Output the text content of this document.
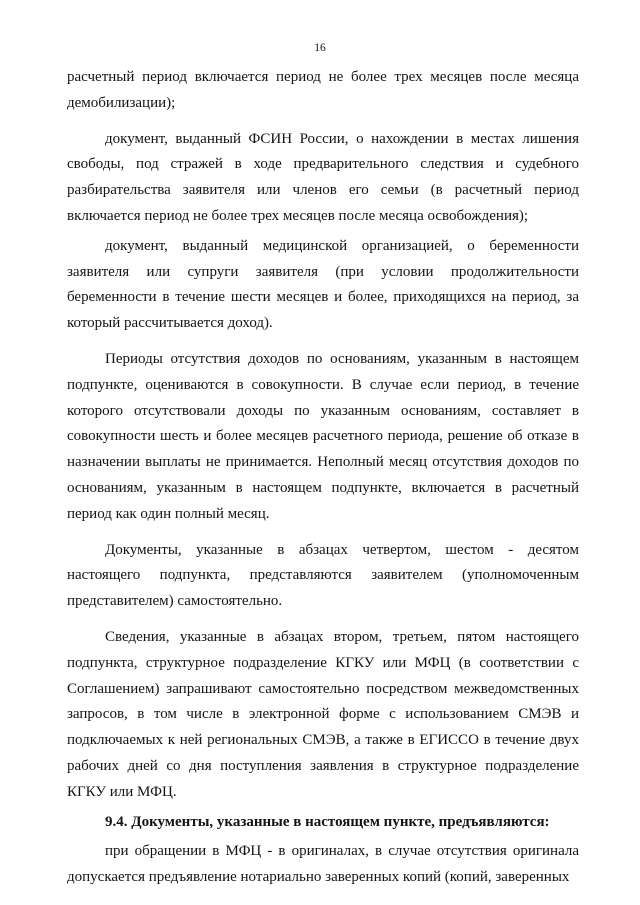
16

расчетный период включается период не более трех месяцев после месяца демобилизации);

документ, выданный ФСИН России, о нахождении в местах лишения свободы, под стражей в ходе предварительного следствия и судебного разбирательства заявителя или членов его семьи (в расчетный период включается период не более трех месяцев после месяца освобождения);

документ, выданный медицинской организацией, о беременности заявителя или супруги заявителя (при условии продолжительности беременности в течение шести месяцев и более, приходящихся на период, за который рассчитывается доход).

Периоды отсутствия доходов по основаниям, указанным в настоящем подпункте, оцениваются в совокупности. В случае если период, в течение которого отсутствовали доходы по указанным основаниям, составляет в совокупности шесть и более месяцев расчетного периода, решение об отказе в назначении выплаты не принимается. Неполный месяц отсутствия доходов по основаниям, указанным в настоящем подпункте, включается в расчетный период как один полный месяц.

Документы, указанные в абзацах четвертом, шестом - десятом настоящего подпункта, представляются заявителем (уполномоченным представителем) самостоятельно.

Сведения, указанные в абзацах втором, третьем, пятом настоящего подпункта, структурное подразделение КГКУ или МФЦ (в соответствии с Соглашением) запрашивают самостоятельно посредством межведомственных запросов, в том числе в электронной форме с использованием СМЭВ и подключаемых к ней региональных СМЭВ, а также в ЕГИССО в течение двух рабочих дней со дня поступления заявления в структурное подразделение КГКУ или МФЦ.

9.4. Документы, указанные в настоящем пункте, предъявляются:

при обращении в МФЦ - в оригиналах, в случае отсутствия оригинала допускается предъявление нотариально заверенных копий (копий, заверенных
